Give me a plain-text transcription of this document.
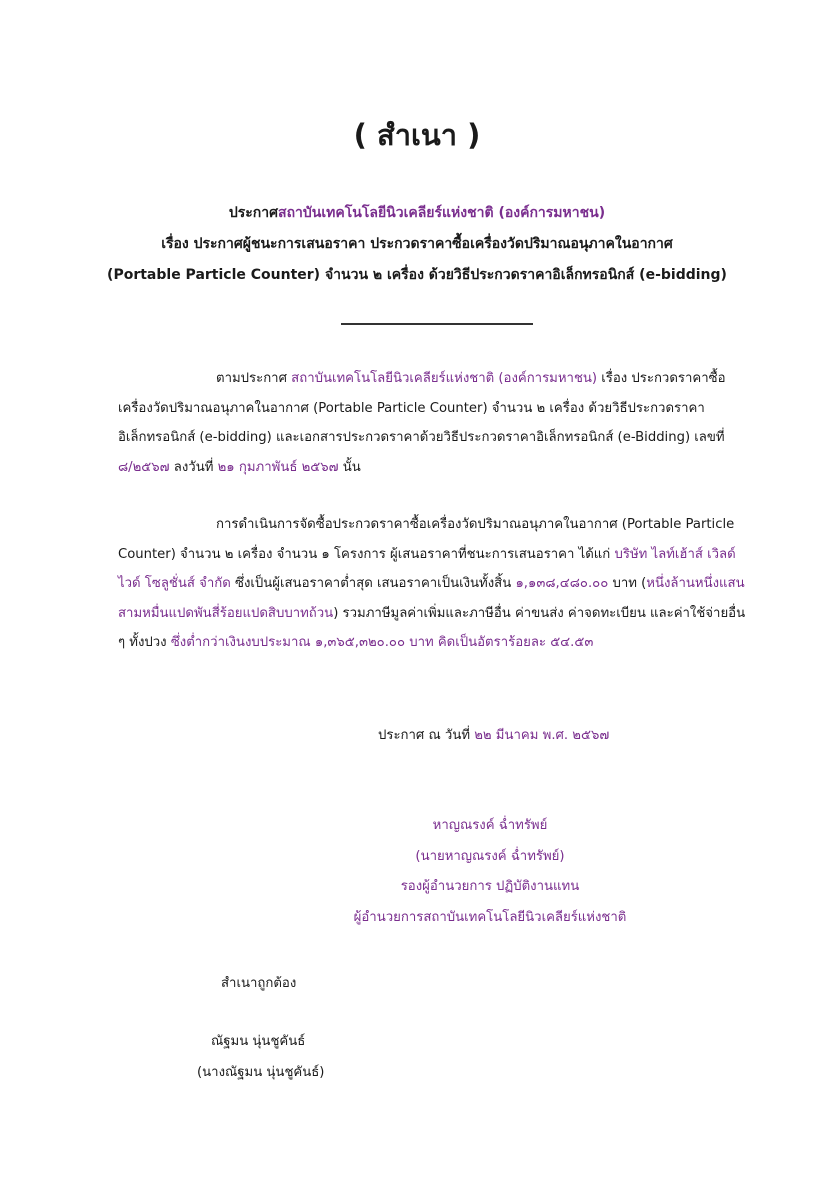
( สำเนา )
ประกาศสถาบันเทคโนโลยีนิวเคลียร์แห่งชาติ (องค์การมหาชน)
เรื่อง ประกาศผู้ชนะการเสนอราคา ประกวดราคาซื้อเครื่องวัดปริมาณอนุภาคในอากาศ
(Portable Particle Counter) จำนวน ๒ เครื่อง ด้วยวิธีประกวดราคาอิเล็กทรอนิกส์ (e-bidding)
ตามประกาศ สถาบันเทคโนโลยีนิวเคลียร์แห่งชาติ (องค์การมหาชน) เรื่อง ประกวดราคาซื้อเครื่องวัดปริมาณอนุภาคในอากาศ (Portable Particle Counter) จำนวน ๒ เครื่อง ด้วยวิธีประกวดราคาอิเล็กทรอนิกส์ (e-bidding) และเอกสารประกวดราคาด้วยวิธีประกวดราคาอิเล็กทรอนิกส์ (e-Bidding) เลขที่ ๘/๒๕๖๗ ลงวันที่ ๒๑ กุมภาพันธ์ ๒๕๖๗ นั้น
การดำเนินการจัดซื้อประกวดราคาซื้อเครื่องวัดปริมาณอนุภาคในอากาศ (Portable Particle Counter) จำนวน ๒ เครื่อง จำนวน ๑ โครงการ ผู้เสนอราคาที่ชนะการเสนอราคา ได้แก่ บริษัท ไลท์เฮ้าส์ เวิลด์ไวด์ โซลูชั่นส์ จำกัด ซึ่งเป็นผู้เสนอราคาต่ำสุด เสนอราคาเป็นเงินทั้งสิ้น ๑,๑๓๘,๔๘๐.๐๐ บาท (หนึ่งล้านหนึ่งแสนสามหมื่นแปดพันสี่ร้อยแปดสิบบาทถ้วน) รวมภาษีมูลค่าเพิ่มและภาษีอื่น ค่าขนส่ง ค่าจดทะเบียน และค่าใช้จ่ายอื่น ๆ ทั้งปวง ซึ่งต่ำกว่าเงินงบประมาณ ๑,๓๖๕,๓๒๐.๐๐ บาท คิดเป็นอัตราร้อยละ ๕๔.๕๓
ประกาศ ณ วันที่ ๒๒ มีนาคม พ.ศ. ๒๕๖๗
หาญณรงค์ ฉ่ำทรัพย์
(นายหาญณรงค์ ฉ่ำทรัพย์)
รองผู้อำนวยการ ปฏิบัติงานแทน
ผู้อำนวยการสถาบันเทคโนโลยีนิวเคลียร์แห่งชาติ
สำเนาถูกต้อง
ณัฐมน นุ่นชูคันธ์
(นางณัฐมน นุ่นชูคันธ์)
